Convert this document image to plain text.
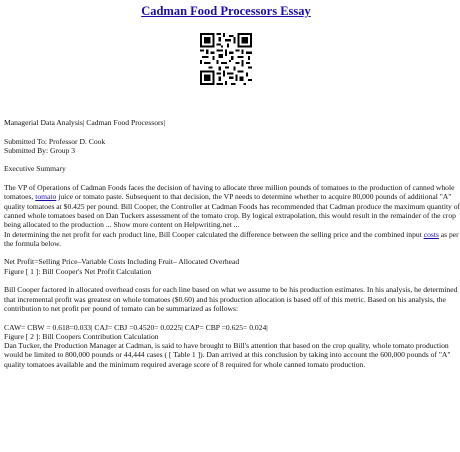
Cadman Food Processors Essay
Managerial Data Analysis| Cadman Food Processors|
Submitted To: Professor D. Cook
Submitted By: Group 3
Executive Summary
The VP of Operations of Cadman Foods faces the decision of having to allocate three million pounds of tomatoes to the production of canned whole
tomatoes, tomato juice or tomato paste. Subsequent to that decision, the VP needs to determine whether to acquire 80,000 pounds of additional "A"
quality tomatoes at $0.425 per pound. Bill Cooper, the Controller at Cadman Foods has recommended that Cadman produce the maximum quantity of
canned whole tomatoes based on Dan Tuckers assessment of the tomato crop. By logical extrapolation, this would result in the remainder of the crop
being allocated to the production ... Show more content on Helpwriting.net ...
In determining the net profit for each product line, Bill Cooper calculated the difference between the selling price and the combined input costs as per
the formula below.
Net Profit=Selling Price–Variable Costs Including Fruit– Allocated Overhead
Figure [ 1 ]: Bill Cooper's Net Profit Calculation
Bill Cooper factored in allocated overhead costs for each line based on what we assume to be his production estimates. In his analysis, he determined
that incremental profit was greatest on whole tomatoes ($0.60) and his production allocation is based off of this metric. Based on his analysis, the
contribution to net profit per pound of tomato can be summarized as follows:
CAW= CBW = 0.618=0.033| CAJ= CBJ =0.4520= 0.0225| CAP= CBP =0.625= 0.024|
Figure [ 2 ]: Bill Coopers Contribution Calculation
Dan Tucker, the Production Manager at Cadman, is said to have brought to Bill's attention that based on the crop quality, whole tomato production
would be limited to 800,000 pounds or 44,444 cases ( [ Table 1 ]). Dan arrived at this conclusion by taking into account the 600,000 pounds of "A"
quality tomatoes available and the minimum required average score of 8 required for whole canned tomato production.
